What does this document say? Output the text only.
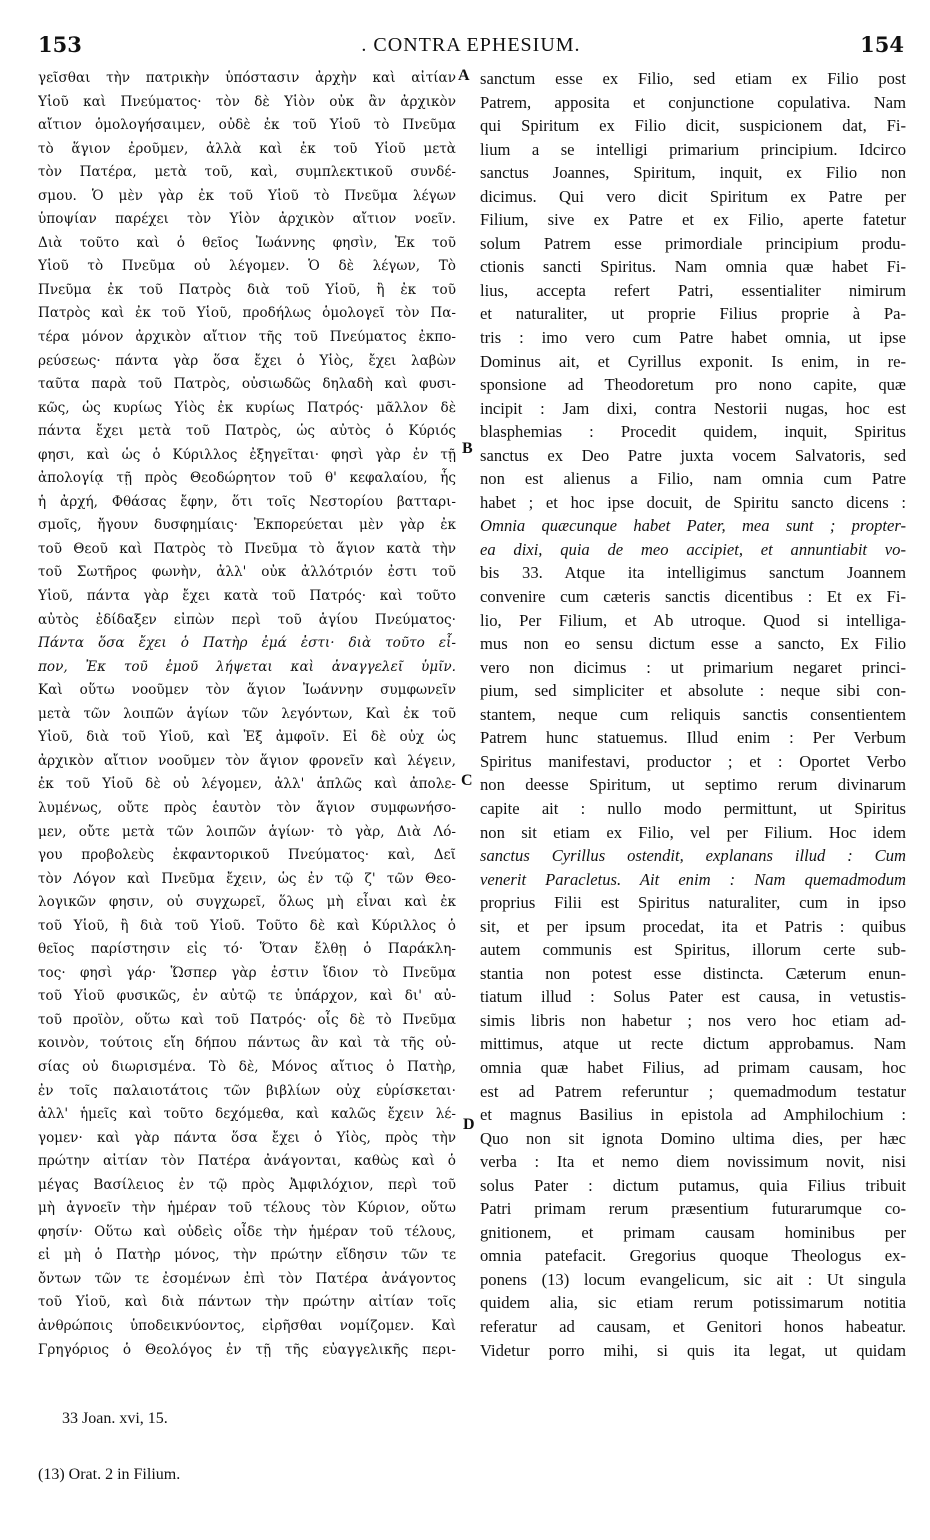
153	. CONTRA EPHESIUM.	154
γεῖσθαι τὴν πατρικὴν ὑπόστασιν ἀρχὴν καὶ αἰτίαν
Υἱοῦ καὶ Πνεύματος· τὸν δὲ Υἱὸν οὐκ ἂν ἀρχικὸν
αἴτιον ὁμολογήσαιμεν, οὐδὲ ἐκ τοῦ Υἱοῦ τὸ Πνεῦμα
τὸ ἅγιον ἐροῦμεν, ἀλλὰ καὶ ἐκ τοῦ Υἱοῦ μετὰ
τὸν Πατέρα, μετὰ τοῦ, καὶ, συμπλεκτικοῦ συνδέ-
σμου. Ὁ μὲν γὰρ ἐκ τοῦ Υἱοῦ τὸ Πνεῦμα λέγων
ὑποψίαν παρέχει τὸν Υἱὸν ἀρχικὸν αἴτιον νοεῖν.
Διὰ τοῦτο καὶ ὁ θεῖος Ἰωάννης φησὶν, Ἐκ τοῦ
Υἱοῦ τὸ Πνεῦμα οὐ λέγομεν. Ὁ δὲ λέγων, Τὸ
Πνεῦμα ἐκ τοῦ Πατρὸς διὰ τοῦ Υἱοῦ, ἢ ἐκ τοῦ
Πατρὸς καὶ ἐκ τοῦ Υἱοῦ, προδήλως ὁμολογεῖ τὸν Πα-
τέρα μόνον ἀρχικὸν αἴτιον τῆς τοῦ Πνεύματος ἐκπο-
ρεύσεως· πάντα γὰρ ὅσα ἔχει ὁ Υἱὸς, ἔχει λαβὼν
ταῦτα παρὰ τοῦ Πατρὸς, οὐσιωδῶς δηλαδὴ καὶ φυσι-
κῶς, ὡς κυρίως Υἱὸς ἐκ κυρίως Πατρός· μᾶλλον δὲ
πάντα ἔχει μετὰ τοῦ Πατρὸς, ὡς αὐτὸς ὁ Κύριός
φησι, καὶ ὡς ὁ Κύριλλος ἐξηγεῖται· φησὶ γὰρ ἐν τῇ
ἀπολογίᾳ τῇ πρὸς Θεοδώρητον τοῦ θ' κεφαλαίου, ἧς
ἡ ἀρχή, Φθάσας ἔφην, ὅτι τοῖς Νεστορίου βατταρι-
σμοῖς, ἤγουν δυσφημίαις· Ἐκπορεύεται μὲν γὰρ ἐκ
τοῦ Θεοῦ καὶ Πατρὸς τὸ Πνεῦμα τὸ ἅγιον κατὰ τὴν
τοῦ Σωτῆρος φωνὴν, ἀλλ' οὐκ ἀλλότριόν ἐστι τοῦ
Υἱοῦ, πάντα γὰρ ἔχει κατὰ τοῦ Πατρός· καὶ τοῦτο
αὐτὸς ἐδίδαξεν εἰπὼν περὶ τοῦ ἁγίου Πνεύματος·
Πάντα ὅσα ἔχει ὁ Πατὴρ ἐμά ἐστι· διὰ τοῦτο εἶ-
πον, Ἐκ τοῦ ἐμοῦ λήψεται καὶ ἀναγγελεῖ ὑμῖν.
Καὶ οὕτω νοοῦμεν τὸν ἅγιον Ἰωάννην συμφωνεῖν
μετὰ τῶν λοιπῶν ἁγίων τῶν λεγόντων, Καὶ ἐκ τοῦ
Υἱοῦ, διὰ τοῦ Υἱοῦ, καὶ Ἐξ ἀμφοῖν. Εἰ δὲ οὐχ ὡς
ἀρχικὸν αἴτιον νοοῦμεν τὸν ἅγιον φρονεῖν καὶ λέγειν,
ἐκ τοῦ Υἱοῦ δὲ οὐ λέγομεν, ἀλλ' ἁπλῶς καὶ ἀπολε-
λυμένως, οὔτε πρὸς ἑαυτὸν τὸν ἅγιον συμφωνήσο-
μεν, οὔτε μετὰ τῶν λοιπῶν ἁγίων· τὸ γὰρ, Διὰ Λό-
γου προβολεὺς ἐκφαντορικοῦ Πνεύματος· καὶ, Δεῖ
τὸν Λόγον καὶ Πνεῦμα ἔχειν, ὡς ἐν τῷ ζ' τῶν Θεο-
λογικῶν φησιν, οὐ συγχωρεῖ, ὅλως μὴ εἶναι καὶ ἐκ
τοῦ Υἱοῦ, ἢ διὰ τοῦ Υἱοῦ. Τοῦτο δὲ καὶ Κύριλλος ὁ
θεῖος παρίστησιν εἰς τό· Ὅταν ἔλθῃ ὁ Παράκλη-
τος· φησὶ γάρ· Ὥσπερ γὰρ ἐστιν ἴδιον τὸ Πνεῦμα
τοῦ Υἱοῦ φυσικῶς, ἐν αὐτῷ τε ὑπάρχον, καὶ δι' αὐ-
τοῦ προϊὸν, οὕτω καὶ τοῦ Πατρός· οἷς δὲ τὸ Πνεῦμα
κοινὸν, τούτοις εἴη δήπου πάντως ἂν καὶ τὰ τῆς οὐ-
σίας οὐ διωρισμένα. Τὸ δὲ, Μόνος αἴτιος ὁ Πατὴρ,
ἐν τοῖς παλαιοτάτοις τῶν βιβλίων οὐχ εὑρίσκεται·
ἀλλ' ἡμεῖς καὶ τοῦτο δεχόμεθα, καὶ καλῶς ἔχειν λέ-
γομεν· καὶ γὰρ πάντα ὅσα ἔχει ὁ Υἱὸς, πρὸς τὴν
πρώτην αἰτίαν τὸν Πατέρα ἀνάγονται, καθὼς καὶ ὁ
μέγας Βασίλειος ἐν τῷ πρὸς Ἀμφιλόχιον, περὶ τοῦ
μὴ ἀγνοεῖν τὴν ἡμέραν τοῦ τέλους τὸν Κύριον, οὕτω
φησίν· Οὕτω καὶ οὐδεὶς οἶδε τὴν ἡμέραν τοῦ τέλους,
εἰ μὴ ὁ Πατὴρ μόνος, τὴν πρώτην εἴδησιν τῶν τε
ὄντων τῶν τε ἐσομένων ἐπὶ τὸν Πατέρα ἀνάγοντος
τοῦ Υἱοῦ, καὶ διὰ πάντων τὴν πρώτην αἰτίαν τοῖς
ἀνθρώποις ὑποδεικνύοντος, εἰρῆσθαι νομίζομεν. Καὶ
Γρηγόριος ὁ Θεολόγος ἐν τῇ τῆς εὐαγγελικῆς περι-
sanctum esse ex Filio, sed etiam ex Filio post
Patrem, apposita et conjunctione copulativa. Nam
qui Spiritum ex Filio dicit, suspicionem dat, Fi-
lium a se intelligi primarium principium. Idcirco
sanctus Joannes, Spiritum, inquit, ex Filio non
dicimus. Qui vero dicit Spiritum ex Patre per
Filium, sive ex Patre et ex Filio, aperte fatetur
solum Patrem esse primordiale principium produ-
ctionis sancti Spiritus. Nam omnia quæ habet Fi-
lius, accepta refert Patri, essentialiter nimirum
et naturaliter, ut proprie Filius proprie à Pa-
tris : imo vero cum Patre habet omnia, ut ipse
Dominus ait, et Cyrillus exponit. Is enim, in re-
sponsione ad Theodoretum pro nono capite, quæ
incipit : Jam dixi, contra Nestorii nugas, hoc est
blasphemias : Procedit quidem, inquit, Spiritus
sanctus ex Deo Patre juxta vocem Salvatoris, sed
non est alienus a Filio, nam omnia cum Patre
habet ; et hoc ipse docuit, de Spiritu sancto dicens :
Omnia quæcunque habet Pater, mea sunt ; propter-
ea dixi, quia de meo accipiet, et annuntiabit vo-
bis 33. Atque ita intelligimus sanctum Joannem
convenire cum cæteris sanctis dicentibus : Et ex Fi-
lio, Per Filium, et Ab utroque. Quod si intelliga-
mus non eo sensu dictum esse a sancto, Ex Filio
vero non dicimus : ut primarium negaret princi-
pium, sed simpliciter et absolute : neque sibi con-
stantem, neque cum reliquis sanctis consentientem
Patrem hunc statuemus. Illud enim : Per Verbum
Spiritus manifestavi, productor ; et : Oportet Verbo
non deesse Spiritum, ut septimo rerum divinarum
capite ait : nullo modo permittunt, ut Spiritus
non sit etiam ex Filio, vel per Filium. Hoc idem
sanctus Cyrillus ostendit, explanans illud : Cum
venerit Paracletus. Ait enim : Nam quemadmodum
proprius Filii est Spiritus naturaliter, cum in ipso
sit, et per ipsum procedat, ita et Patris : quibus
autem communis est Spiritus, illorum certe sub-
stantia non potest esse distincta. Cæterum enun-
tiatum illud : Solus Pater est causa, in vetustis-
simis libris non habetur ; nos vero hoc etiam ad-
mittimus, atque ut recte dictum approbamus. Nam
omnia quæ habet Filius, ad primam causam, hoc
est ad Patrem referuntur ; quemadmodum testatur
et magnus Basilius in epistola ad Amphilochium :
Quo non sit ignota Domino ultima dies, per hæc
verba : Ita et nemo diem novissimum novit, nisi
solus Pater : dictum putamus, quia Filius tribuit
Patri primam rerum præsentium futurarumque co-
gnitionem, et primam causam hominibus per
omnia patefacit. Gregorius quoque Theologus ex-
ponens (13) locum evangelicum, sic ait : Ut singula
quidem alia, sic etiam rerum potissimarum notitia
referatur ad causam, et Genitori honos habeatur.
Videtur porro mihi, si quis ita legat, ut quidam
A
B
C
D
33 Joan. xvi, 15.
(13) Orat. 2 in Filium.
